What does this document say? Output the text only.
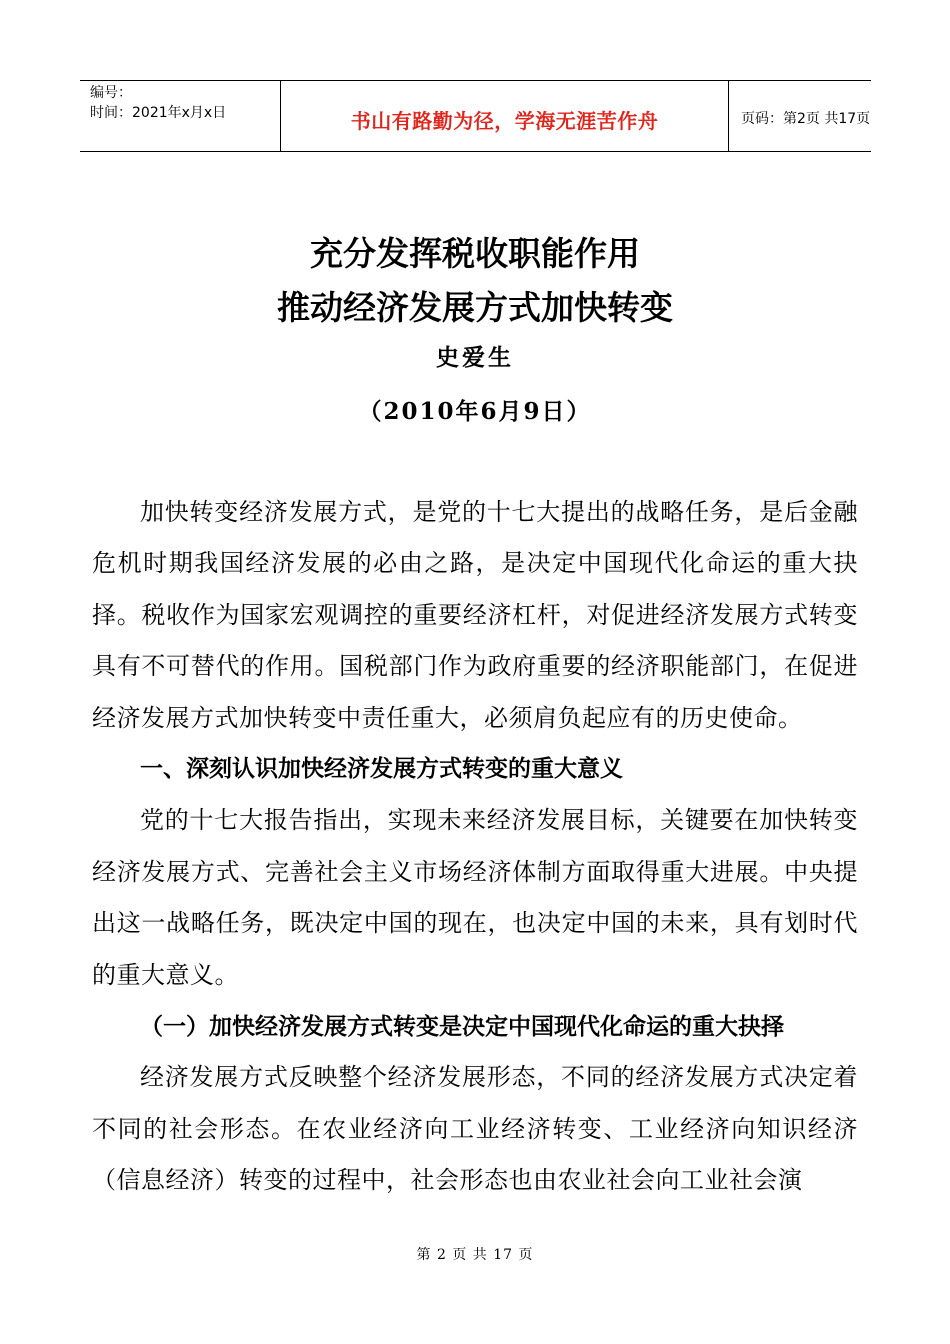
编号：
时间：2021年x月x日	书山有路勤为径，学海无涯苦作舟	页码：第2页 共17页
充分发挥税收职能作用
推动经济发展方式加快转变
史爱生
（2010年6月9日）

加快转变经济发展方式，是党的十七大提出的战略任务，是后金融危机时期我国经济发展的必由之路，是决定中国现代化命运的重大抉择。税收作为国家宏观调控的重要经济杠杆，对促进经济发展方式转变具有不可替代的作用。国税部门作为政府重要的经济职能部门，在促进经济发展方式加快转变中责任重大，必须肩负起应有的历史使命。

一、深刻认识加快经济发展方式转变的重大意义

党的十七大报告指出，实现未来经济发展目标，关键要在加快转变经济发展方式、完善社会主义市场经济体制方面取得重大进展。中央提出这一战略任务，既决定中国的现在，也决定中国的未来，具有划时代的重大意义。

（一）加快经济发展方式转变是决定中国现代化命运的重大抉择

经济发展方式反映整个经济发展形态，不同的经济发展方式决定着不同的社会形态。在农业经济向工业经济转变、工业经济向知识经济（信息经济）转变的过程中，社会形态也由农业社会向工业社会演

第 2 页 共 17 页
